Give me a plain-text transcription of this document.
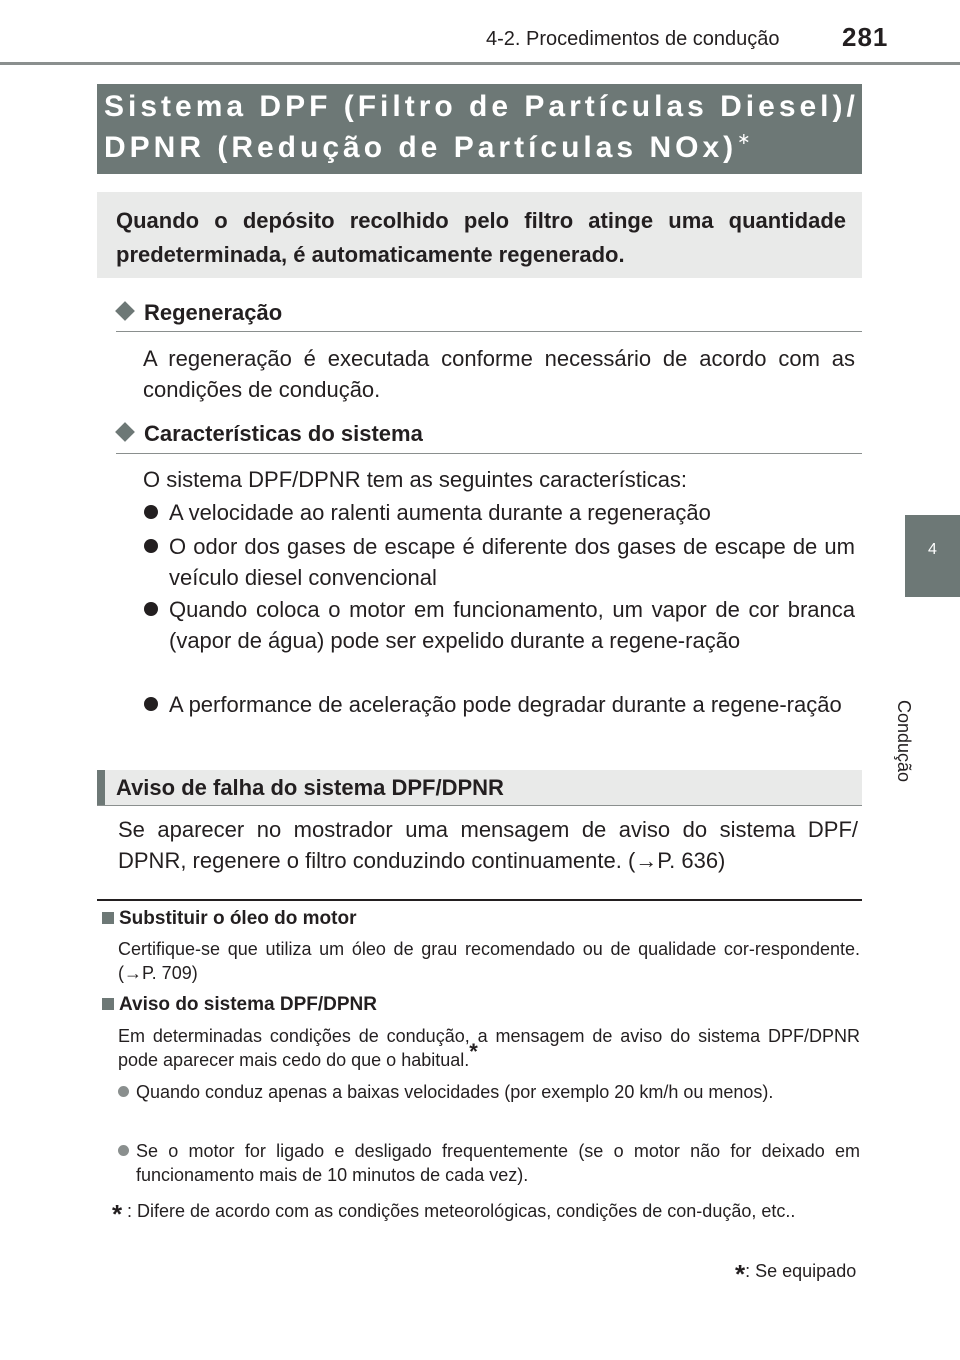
4-2. Procedimentos de condução 281
4
Condução
Sistema DPF (Filtro de Partículas Diesel)/
DPNR (Redução de Partículas NOx)∗
Quando o depósito recolhido pelo filtro atinge uma quantidade predeterminada, é automaticamente regenerado.
Regeneração
A regeneração é executada conforme necessário de acordo com as condições de condução.
Características do sistema
O sistema DPF/DPNR tem as seguintes características:
A velocidade ao ralenti aumenta durante a regeneração
O odor dos gases de escape é diferente dos gases de escape de um veículo diesel convencional
Quando coloca o motor em funcionamento, um vapor de cor branca (vapor de água) pode ser expelido durante a regene-ração
A performance de aceleração pode degradar durante a regene-ração
Aviso de falha do sistema DPF/DPNR
Se aparecer no mostrador uma mensagem de aviso do sistema DPF/ DPNR, regenere o filtro conduzindo continuamente. (→P. 636)
Substituir o óleo do motor
Certifique-se que utiliza um óleo de grau recomendado ou de qualidade cor-respondente. (→P. 709)
Aviso do sistema DPF/DPNR
Em determinadas condições de condução, a mensagem de aviso do sistema DPF/DPNR pode aparecer mais cedo do que o habitual.*
Quando conduz apenas a baixas velocidades (por exemplo 20 km/h ou menos).
Se o motor for ligado e desligado frequentemente (se o motor não for deixado em funcionamento mais de 10 minutos de cada vez).
* : Difere de acordo com as condições meteorológicas, condições de con-dução, etc..
*: Se equipado
